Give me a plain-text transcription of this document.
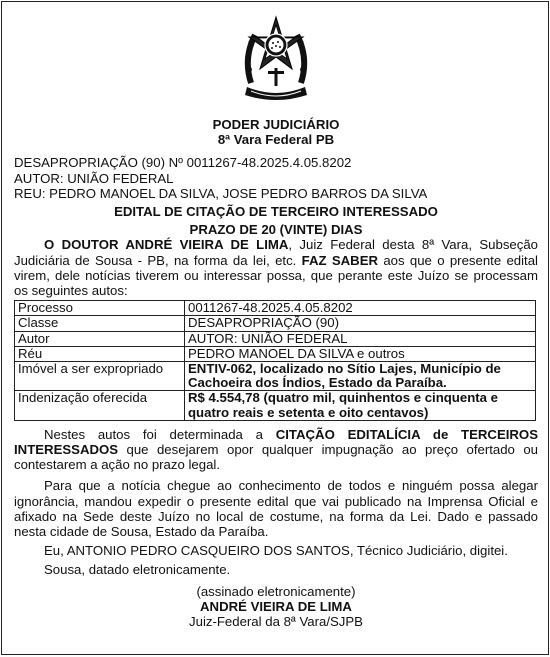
PODER JUDICIÁRIO
8ª Vara Federal PB
DESAPROPRIAÇÃO (90) Nº 0011267-48.2025.4.05.8202
AUTOR: UNIÃO FEDERAL
REU: PEDRO MANOEL DA SILVA, JOSE PEDRO BARROS DA SILVA
EDITAL DE CITAÇÃO DE TERCEIRO INTERESSADO
PRAZO DE 20 (VINTE) DIAS

O DOUTOR ANDRÉ VIEIRA DE LIMA, Juiz Federal desta 8ª Vara, Subseção Judiciária de Sousa - PB, na forma da lei, etc. FAZ SABER aos que o presente edital virem, dele notícias tiverem ou interessar possa, que perante este Juízo se processam os seguintes autos:

Processo	0011267-48.2025.4.05.8202
Classe	DESAPROPRIAÇÃO (90)
Autor	AUTOR: UNIÃO FEDERAL
Réu	PEDRO MANOEL DA SILVA e outros
Imóvel a ser expropriado	ENTIV-062, localizado no Sítio Lajes, Município de Cachoeira dos Índios, Estado da Paraíba.
Indenização oferecida	R$ 4.554,78 (quatro mil, quinhentos e cinquenta e quatro reais e setenta e oito centavos)

Nestes autos foi determinada a CITAÇÃO EDITALÍCIA de TERCEIROS INTERESSADOS que desejarem opor qualquer impugnação ao preço ofertado ou contestarem a ação no prazo legal.

Para que a notícia chegue ao conhecimento de todos e ninguém possa alegar ignorância, mandou expedir o presente edital que vai publicado na Imprensa Oficial e afixado na Sede deste Juízo no local de costume, na forma da Lei. Dado e passado nesta cidade de Sousa, Estado da Paraíba.

Eu, ANTONIO PEDRO CASQUEIRO DOS SANTOS, Técnico Judiciário, digitei.

Sousa, datado eletronicamente.

(assinado eletronicamente)
ANDRÉ VIEIRA DE LIMA
Juiz-Federal da 8ª Vara/SJPB
